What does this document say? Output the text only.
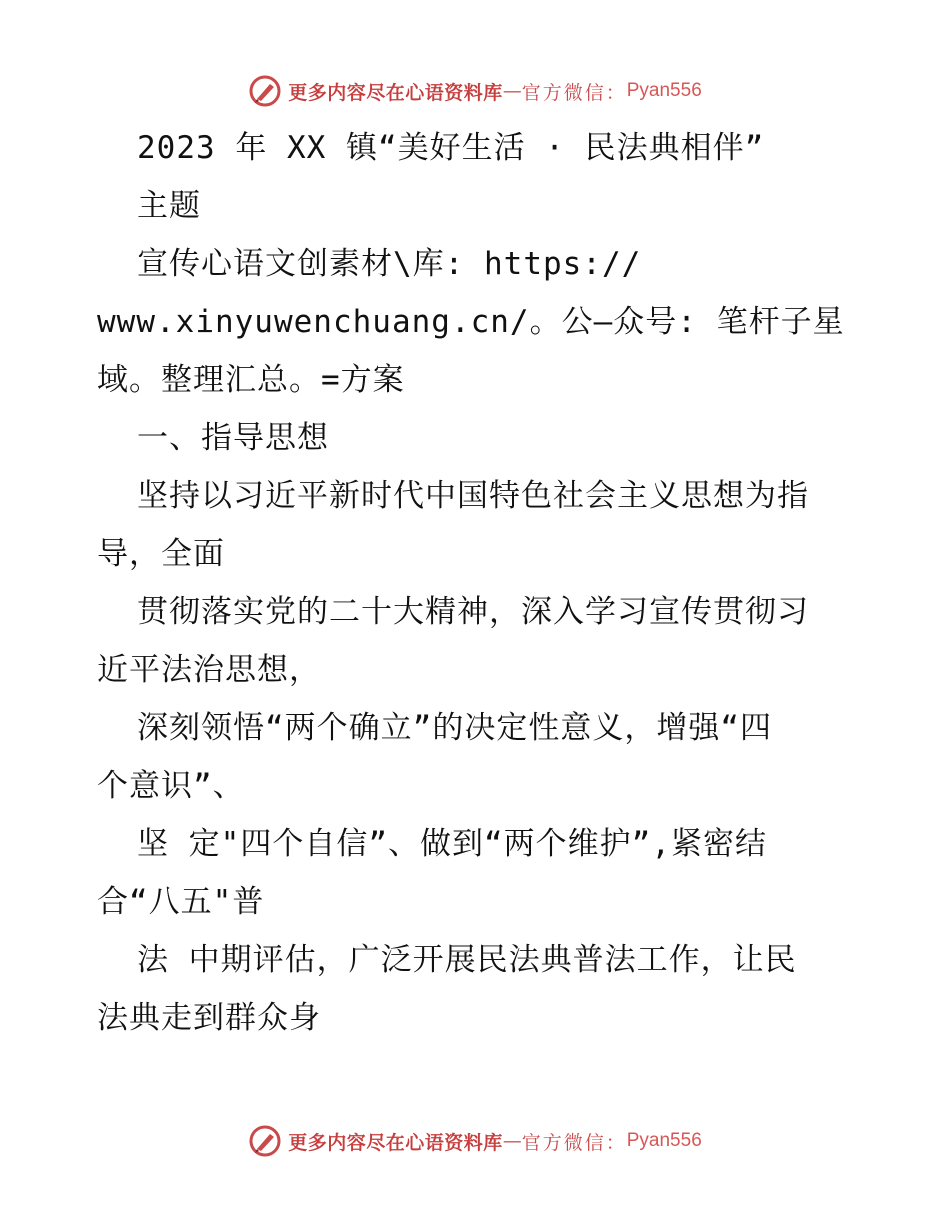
更多内容尽在心语资料库 — 官方微信： Pyan556
2023 年 XX 镇“美好生活 · 民法典相伴”
主题
宣传心语文创素材\库: https://
www.xinyuwenchuang.cn/。公—众号: 笔杆子星
域。整理汇总。=方案
一、指导思想
坚持以习近平新时代中国特色社会主义思想为指
导，全面
贯彻落实党的二十大精神，深入学习宣传贯彻习
近平法治思想，
深刻领悟“两个确立”的决定性意义，增强“四
个意识”、
坚 定"四个自信”、做到“两个维护”,紧密结
合“八五"普
法 中期评估，广泛开展民法典普法工作，让民
法典走到群众身
更多内容尽在心语资料库 — 官方微信： Pyan556
